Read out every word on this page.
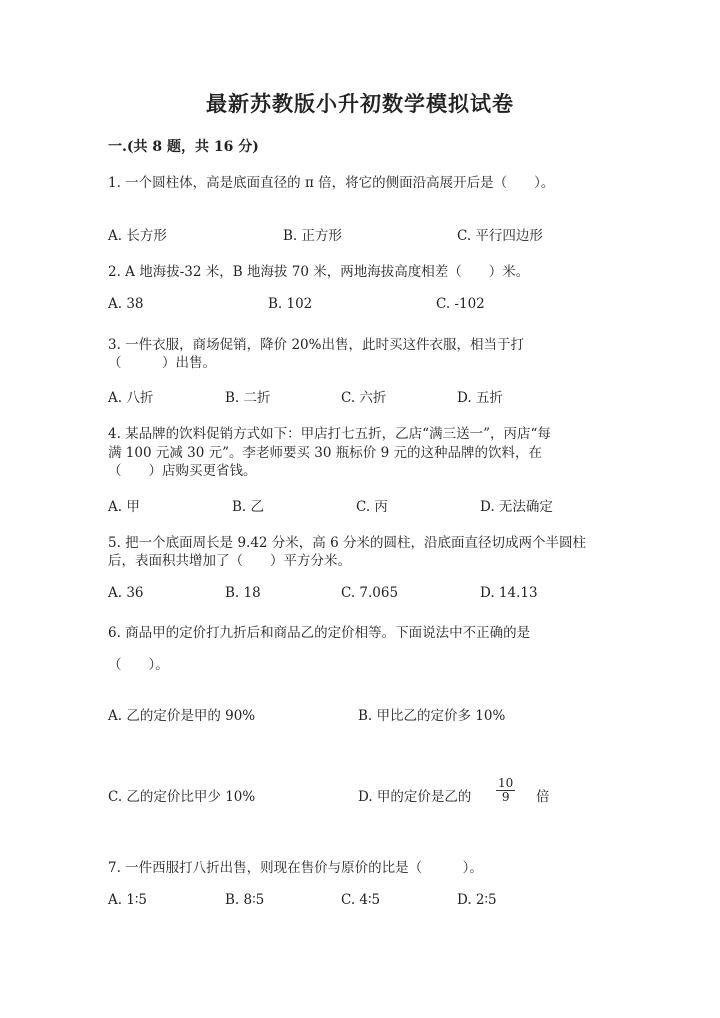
最新苏教版小升初数学模拟试卷
一.(共 8 题，共 16 分)
1. 一个圆柱体，高是底面直径的 π 倍，将它的侧面沿高展开后是（　　）。
A. 长方形	B. 正方形	C. 平行四边形
2. A 地海拔-32 米，B 地海拔 70 米，两地海拔高度相差（　　）米。
A. 38	B. 102	C. -102
3. 一件衣服，商场促销，降价 20%出售，此时买这件衣服，相当于打
（　　　）出售。
A. 八折	B. 二折	C. 六折	D. 五折
4. 某品牌的饮料促销方式如下：甲店打七五折，乙店“满三送一”，丙店“每
满 100 元减 30 元”。李老师要买 30 瓶标价 9 元的这种品牌的饮料，在
（　　）店购买更省钱。
A. 甲	B. 乙	C. 丙	D. 无法确定
5. 把一个底面周长是 9.42 分米，高 6 分米的圆柱，沿底面直径切成两个半圆柱
后，表面积共增加了（　　）平方分米。
A. 36	B. 18	C. 7.065	D. 14.13
6. 商品甲的定价打九折后和商品乙的定价相等。下面说法中不正确的是
（　　）。
A. 乙的定价是甲的 90%	B. 甲比乙的定价多 10%
C. 乙的定价比甲少 10%	D. 甲的定价是乙的 $\frac{10}{9}$ 倍
7. 一件西服打八折出售，则现在售价与原价的比是（　　　）。
A. 1∶5	B. 8∶5	C. 4∶5	D. 2∶5
